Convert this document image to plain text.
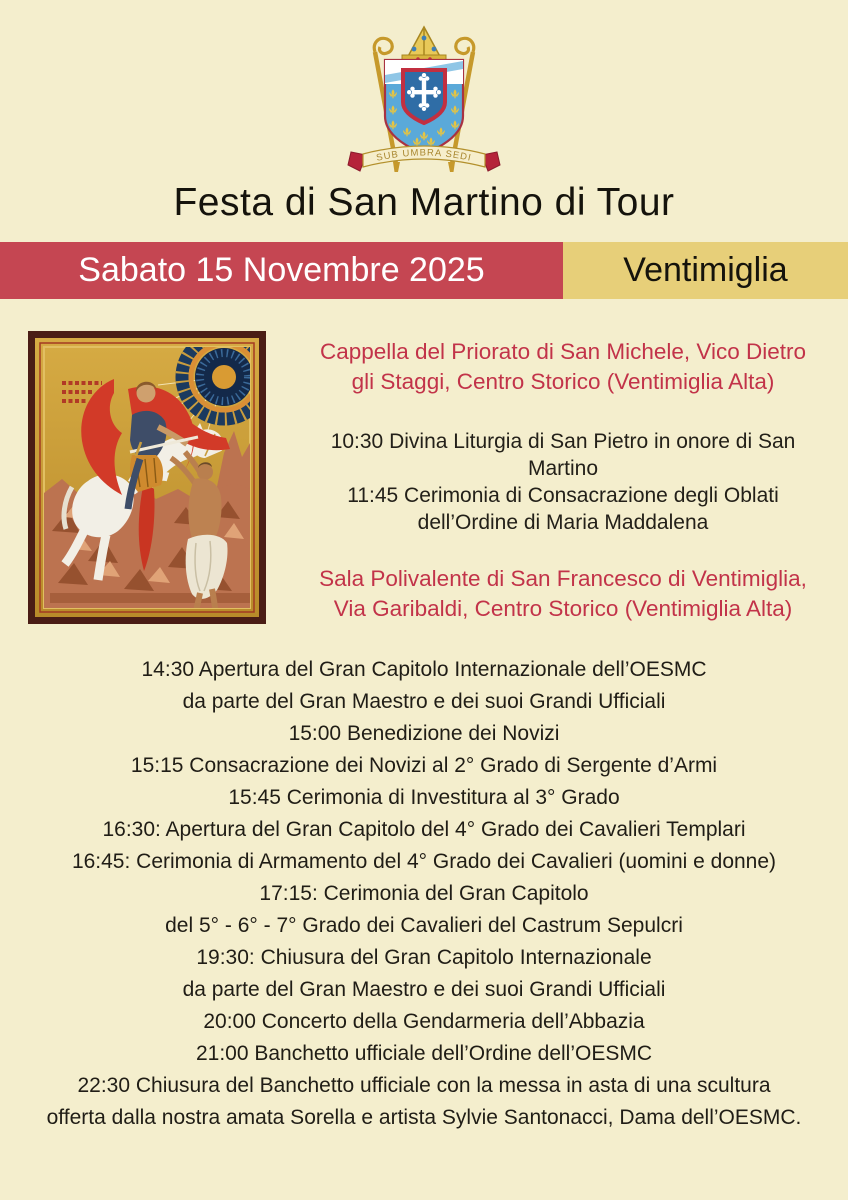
SUB UMBRA SEDI
Festa di San Martino di Tour
Sabato 15 Novembre 2025	Ventimiglia
Cappella del Priorato di San Michele, Vico Dietro
gli Staggi, Centro Storico (Ventimiglia Alta)
10:30 Divina Liturgia di San Pietro in onore di San
Martino
11:45 Cerimonia di Consacrazione degli Oblati
dell’Ordine di Maria Maddalena
Sala Polivalente di San Francesco di Ventimiglia,
Via Garibaldi, Centro Storico (Ventimiglia Alta)
14:30 Apertura del Gran Capitolo Internazionale dell’OESMC
da parte del Gran Maestro e dei suoi Grandi Ufficiali
15:00 Benedizione dei Novizi
15:15 Consacrazione dei Novizi al 2° Grado di Sergente d’Armi
15:45 Cerimonia di Investitura al 3° Grado
16:30: Apertura del Gran Capitolo del 4° Grado dei Cavalieri Templari
16:45: Cerimonia di Armamento del 4° Grado dei Cavalieri (uomini e donne)
17:15: Cerimonia del Gran Capitolo
del 5° - 6° - 7° Grado dei Cavalieri del Castrum Sepulcri
19:30: Chiusura del Gran Capitolo Internazionale
da parte del Gran Maestro e dei suoi Grandi Ufficiali
20:00 Concerto della Gendarmeria dell’Abbazia
21:00 Banchetto ufficiale dell’Ordine dell’OESMC
22:30 Chiusura del Banchetto ufficiale con la messa in asta di una scultura
offerta dalla nostra amata Sorella e artista Sylvie Santonacci, Dama dell’OESMC.
